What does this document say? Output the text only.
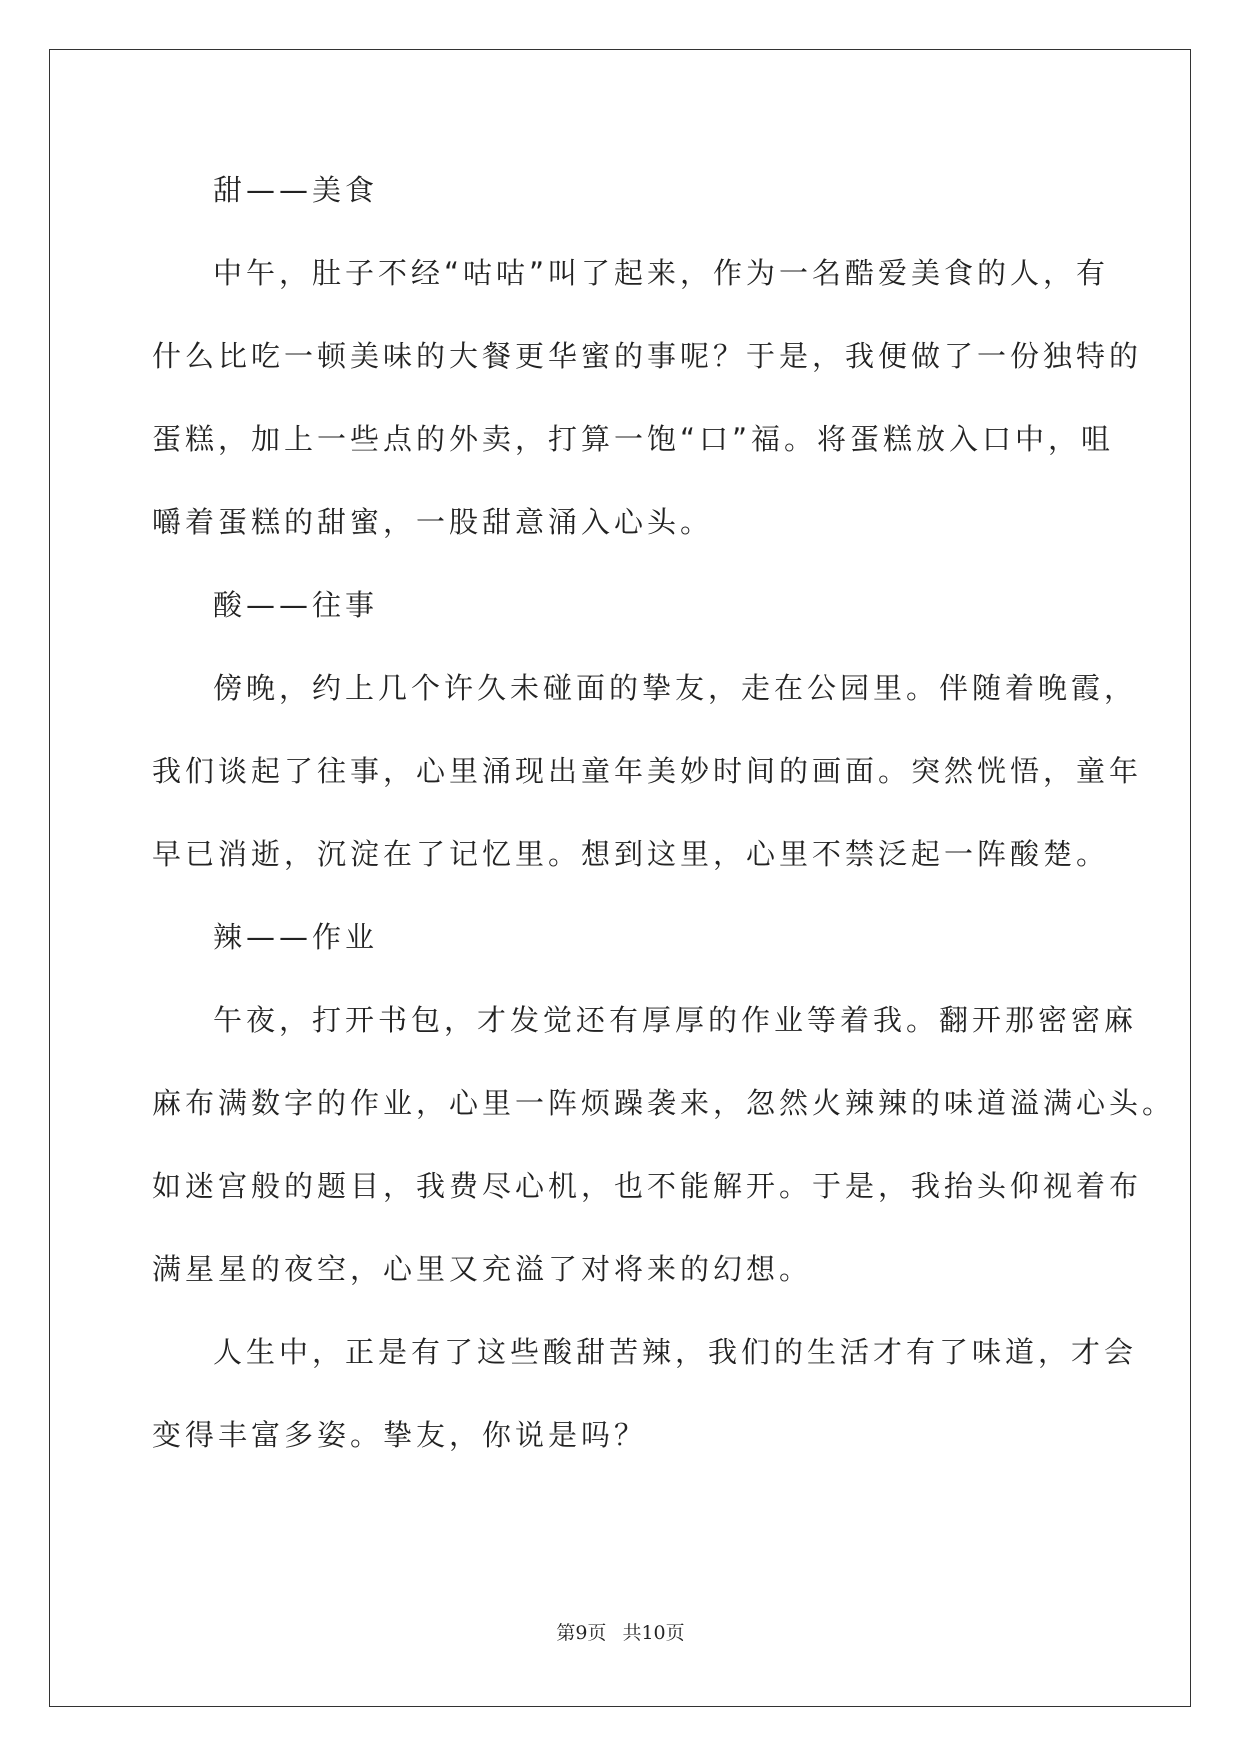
甜——美食
中午，肚子不经“咕咕”叫了起来，作为一名酷爱美食的人，有
什么比吃一顿美味的大餐更华蜜的事呢？于是，我便做了一份独特的
蛋糕，加上一些点的外卖，打算一饱“口”福。将蛋糕放入口中，咀
嚼着蛋糕的甜蜜，一股甜意涌入心头。
酸——往事
傍晚，约上几个许久未碰面的挚友，走在公园里。伴随着晚霞，
我们谈起了往事，心里涌现出童年美妙时间的画面。突然恍悟，童年
早已消逝，沉淀在了记忆里。想到这里，心里不禁泛起一阵酸楚。
辣——作业
午夜，打开书包，才发觉还有厚厚的作业等着我。翻开那密密麻
麻布满数字的作业，心里一阵烦躁袭来，忽然火辣辣的味道溢满心头。
如迷宫般的题目，我费尽心机，也不能解开。于是，我抬头仰视着布
满星星的夜空，心里又充溢了对将来的幻想。
人生中，正是有了这些酸甜苦辣，我们的生活才有了味道，才会
变得丰富多姿。挚友，你说是吗？
第9页 共10页
